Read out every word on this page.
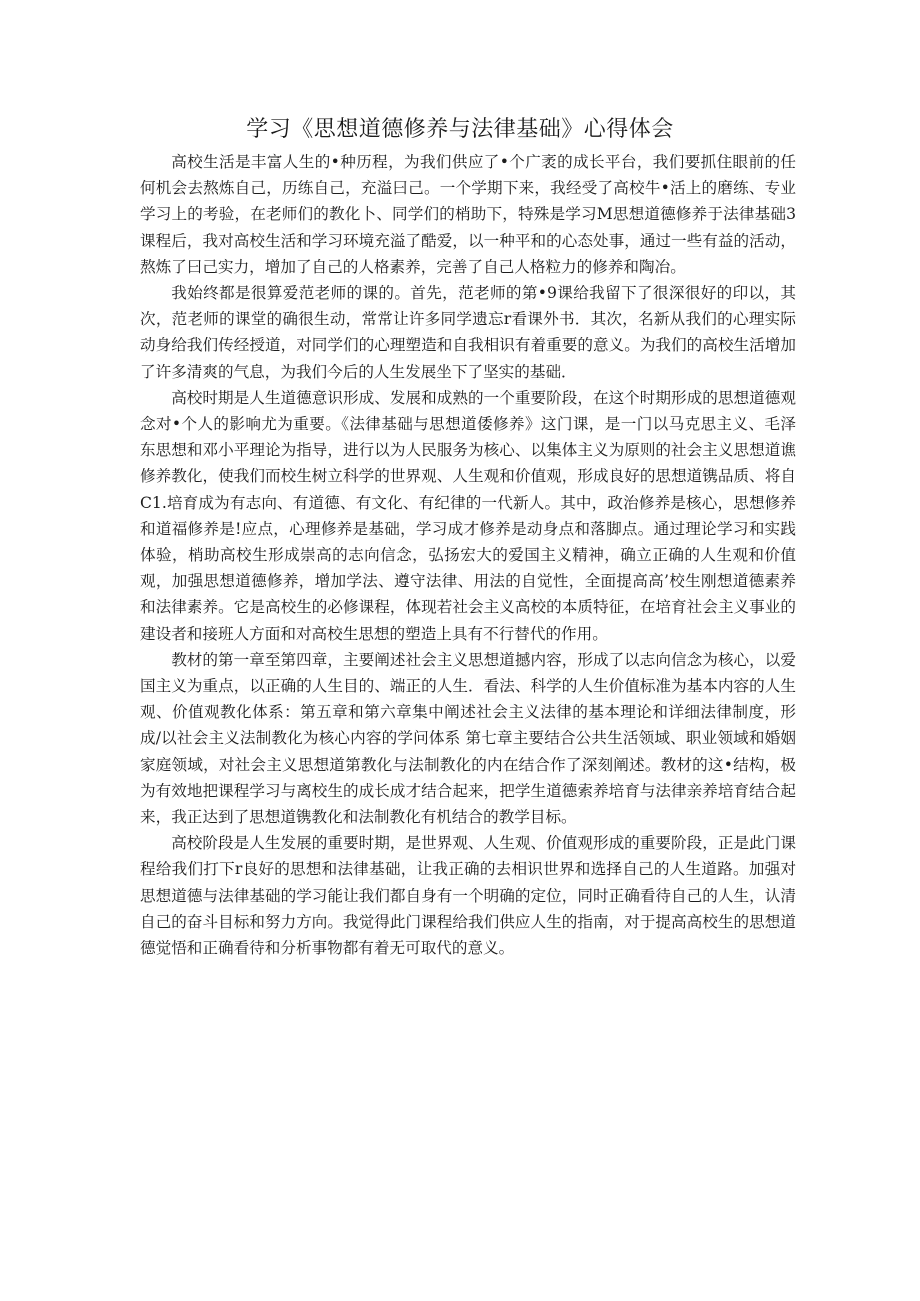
学习《思想道德修养与法律基础》心得体会

高校生活是丰富人生的•种历程，为我们供应了•个广袤的成长平台，我们要抓住眼前的任何机会去熬炼自己，历练自己，充溢曰己。一个学期下来，我经受了高校牛•活上的磨练、专业学习上的考验，在老师们的教化卜、同学们的梢助下，特殊是学习M思想道德修养于法律基础3课程后，我对高校生活和学习环境充溢了酷爱，以一种平和的心态处事，通过一些有益的活动，熬炼了曰己实力，增加了自己的人格素养，完善了自己人格粒力的修养和陶冶。

我始终都是很算爱范老师的课的。首先，范老师的第•9课给我留下了很深很好的印以，其次，范老师的课堂的确很生动，常常让许多同学遗忘r看课外书．其次，名新从我们的心理实际动身给我们传经授道，对同学们的心理塑造和自我相识有着重要的意义。为我们的高校生活增加了许多清爽的气息，为我们今后的人生发展坐下了坚实的基础．

高校时期是人生道德意识形成、发展和成熟的一个重要阶段，在这个时期形成的思想道德观念对•个人的影响尤为重要。《法律基础与思想道倭修养》这门课，是一门以马克思主义、毛泽东思想和邓小平理论为指导，进行以为人民服务为核心、以集体主义为原则的社会主义思想道谯修养教化，使我们而校生树立科学的世界观、人生观和价值观，形成良好的思想道镌品质、将自C1.培育成为有志向、有道德、有文化、有纪律的一代新人。其中，政治修养是核心，思想修养和道福修养是!应点，心理修养是基础，学习成才修养是动身点和落脚点。通过理论学习和实践体验，梢助高校生形成崇高的志向信念，弘扬宏大的爱国主义精神，确立正确的人生观和价值观，加强思想道德修养，增加学法、遵守法律、用法的自觉性，全面提高高’校生刚想道德素养和法律素养。它是高校生的必修课程，体现若社会主义高校的本质特征，在培育社会主义事业的建设者和接班人方面和对高校生思想的塑造上具有不行替代的作用。

教材的第一章至第四章，主要阐述社会主义思想道撼内容，形成了以志向信念为核心，以爱国主义为重点，以正确的人生目的、端正的人生．看法、科学的人生价值标准为基本内容的人生观、价值观教化体系：第五章和第六章集中阐述社会主义法律的基本理论和详细法律制度，形成/以社会主义法制教化为核心内容的学问体系 第七章主要结合公共生活领域、职业领域和婚姻家庭领域，对社会主义思想道第教化与法制教化的内在结合作了深刻阐述。教材的这•结构，极为有效地把课程学习与离校生的成长成才结合起来，把学生道德索养培育与法律亲养培育结合起来，我正达到了思想道镌教化和法制教化有机结合的教学目标。

高校阶段是人生发展的重要时期，是世界观、人生观、价值观形成的重要阶段，正是此门课程给我们打下r良好的思想和法律基础，让我正确的去相识世界和选择自己的人生道路。加强对思想道德与法律基础的学习能让我们都自身有一个明确的定位，同时正确看待自己的人生，认清自己的奋斗目标和努力方向。我觉得此门课程给我们供应人生的指南，对于提高高校生的思想道德觉悟和正确看待和分析事物都有着无可取代的意义。
